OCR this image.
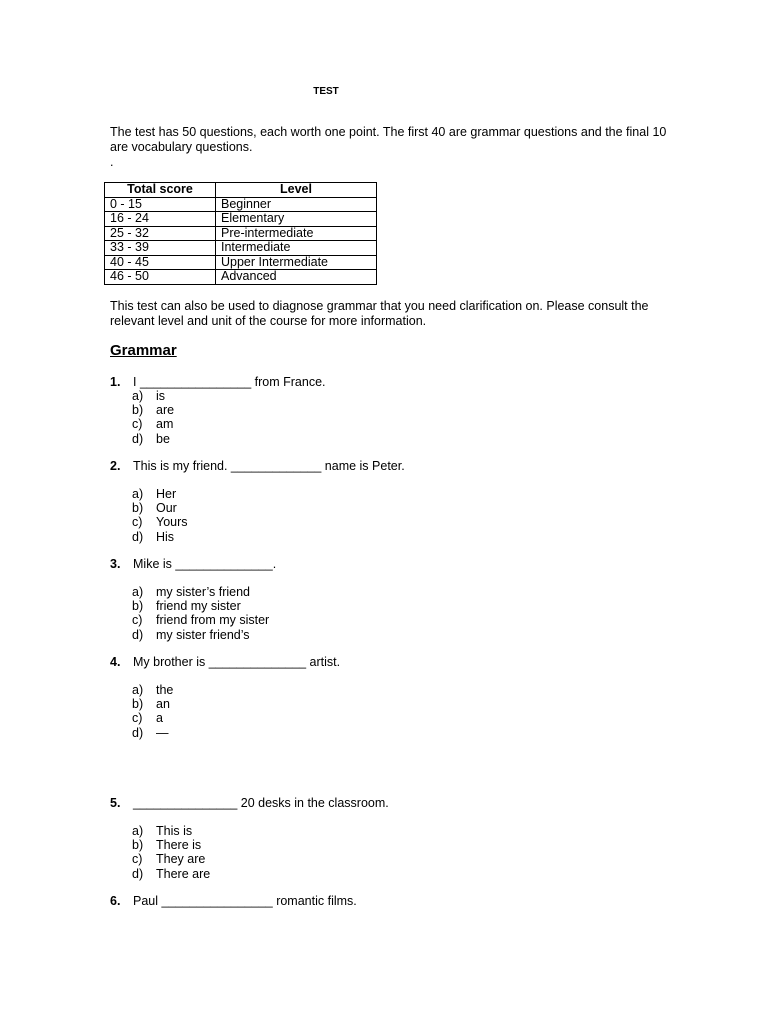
TEST
The test has 50 questions, each worth one point. The first 40 are grammar questions and the final 10 are vocabulary questions.
.
Total score	Level
0 - 15	Beginner
16 - 24	Elementary
25 - 32	Pre-intermediate
33 - 39	Intermediate
40 - 45	Upper Intermediate
46 - 50	Advanced
This test can also be used to diagnose grammar that you need clarification on. Please consult the relevant level and unit of the course for more information.
Grammar
1. I ________________ from France.
a)	is
b)	are
c)	am
d)	be
2. This is my friend. _____________ name is Peter.
a)	Her
b)	Our
c)	Yours
d)	His
3. Mike is ______________.
a)	my sister’s friend
b)	friend my sister
c)	friend from my sister
d)	my sister friend’s
4. My brother is ______________ artist.
a)	the
b)	an
c)	a
d)	—
5. _______________ 20 desks in the classroom.
a)	This is
b)	There is
c)	They are
d)	There are
6. Paul ________________ romantic films.
